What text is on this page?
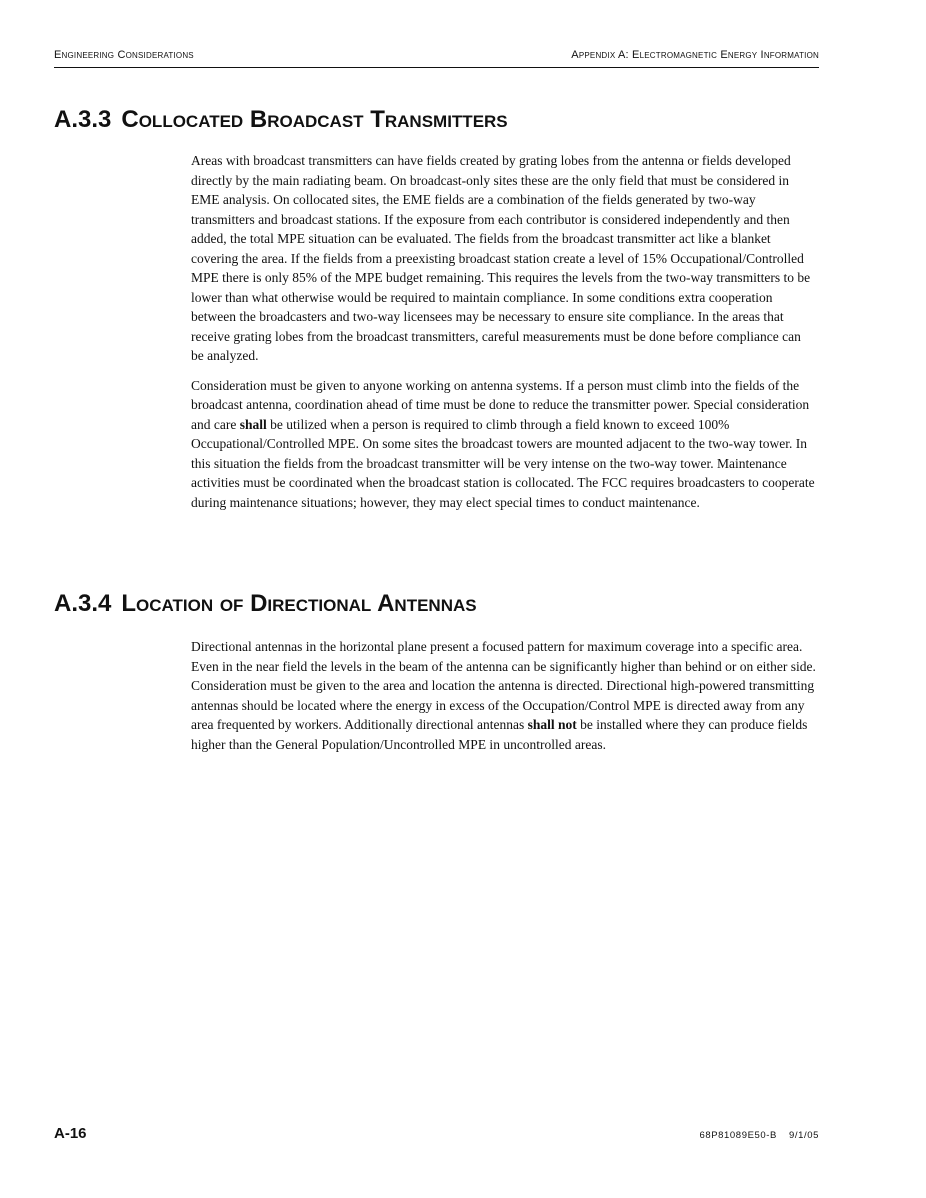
Engineering Considerations	Appendix A: Electromagnetic Energy Information
A.3.3 Collocated Broadcast Transmitters

Areas with broadcast transmitters can have fields created by grating lobes from the antenna or fields developed directly by the main radiating beam. On broadcast-only sites these are the only field that must be considered in EME analysis. On collocated sites, the EME fields are a combination of the fields generated by two-way transmitters and broadcast stations. If the exposure from each contributor is considered independently and then added, the total MPE situation can be evaluated. The fields from the broadcast transmitter act like a blanket covering the area. If the fields from a preexisting broadcast station create a level of 15% Occupational/Controlled MPE there is only 85% of the MPE budget remaining. This requires the levels from the two-way transmitters to be lower than what otherwise would be required to maintain compliance. In some conditions extra cooperation between the broadcasters and two-way licensees may be necessary to ensure site compliance. In the areas that receive grating lobes from the broadcast transmitters, careful measurements must be done before compliance can be analyzed.

Consideration must be given to anyone working on antenna systems. If a person must climb into the fields of the broadcast antenna, coordination ahead of time must be done to reduce the transmitter power. Special consideration and care shall be utilized when a person is required to climb through a field known to exceed 100% Occupational/Controlled MPE. On some sites the broadcast towers are mounted adjacent to the two-way tower. In this situation the fields from the broadcast transmitter will be very intense on the two-way tower. Maintenance activities must be coordinated when the broadcast station is collocated. The FCC requires broadcasters to cooperate during maintenance situations; however, they may elect special times to conduct maintenance.

A.3.4 Location of Directional Antennas

Directional antennas in the horizontal plane present a focused pattern for maximum coverage into a specific area. Even in the near field the levels in the beam of the antenna can be significantly higher than behind or on either side. Consideration must be given to the area and location the antenna is directed. Directional high-powered transmitting antennas should be located where the energy in excess of the Occupation/Control MPE is directed away from any area frequented by workers. Additionally directional antennas shall not be installed where they can produce fields higher than the General Population/Uncontrolled MPE in uncontrolled areas.

A-16	68P81089E50-B 9/1/05
